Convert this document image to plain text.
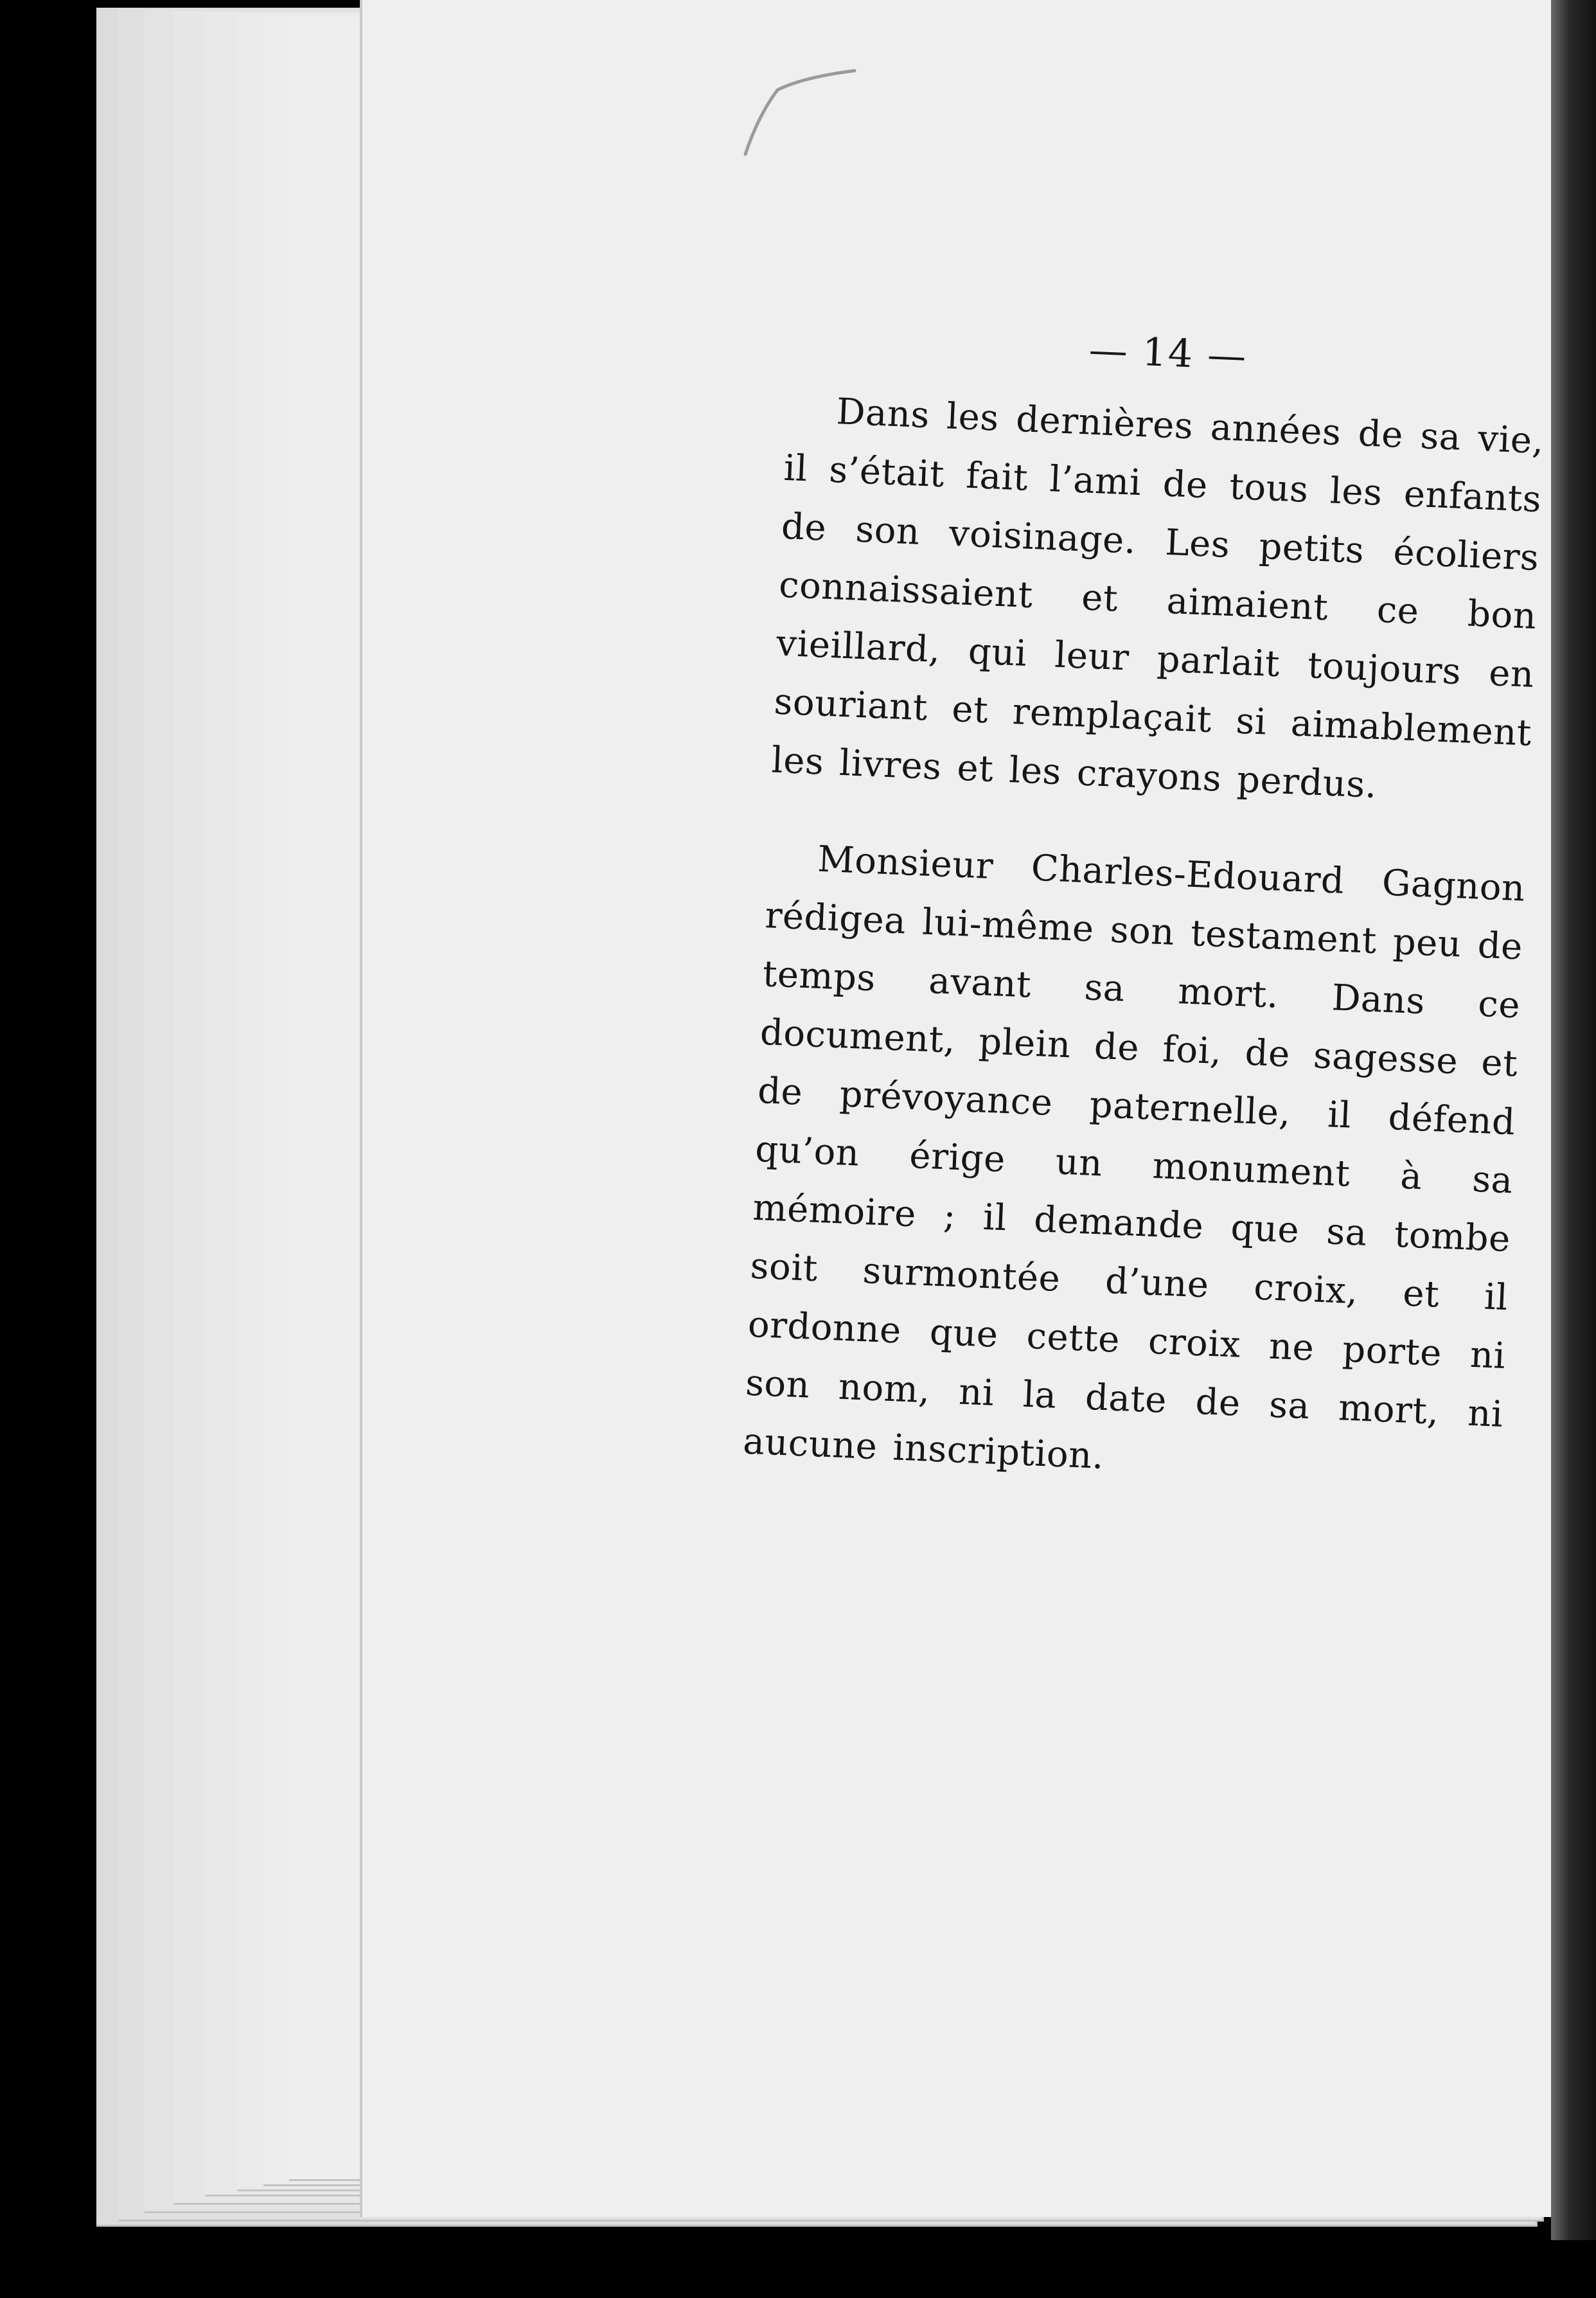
— 14 —

Dans les dernières années de sa vie, il s’était fait l’ami de tous les enfants de son voisinage. Les petits écoliers connaissaient et aimaient ce bon vieillard, qui leur parlait toujours en souriant et remplaçait si aimablement les livres et les crayons perdus.

Monsieur Charles-Edouard Gagnon rédigea lui-même son testament peu de temps avant sa mort. Dans ce document, plein de foi, de sagesse et de prévoyance paternelle, il défend qu’on érige un monument à sa mémoire ; il demande que sa tombe soit surmontée d’une croix, et il ordonne que cette croix ne porte ni son nom, ni la date de sa mort, ni aucune inscription.
